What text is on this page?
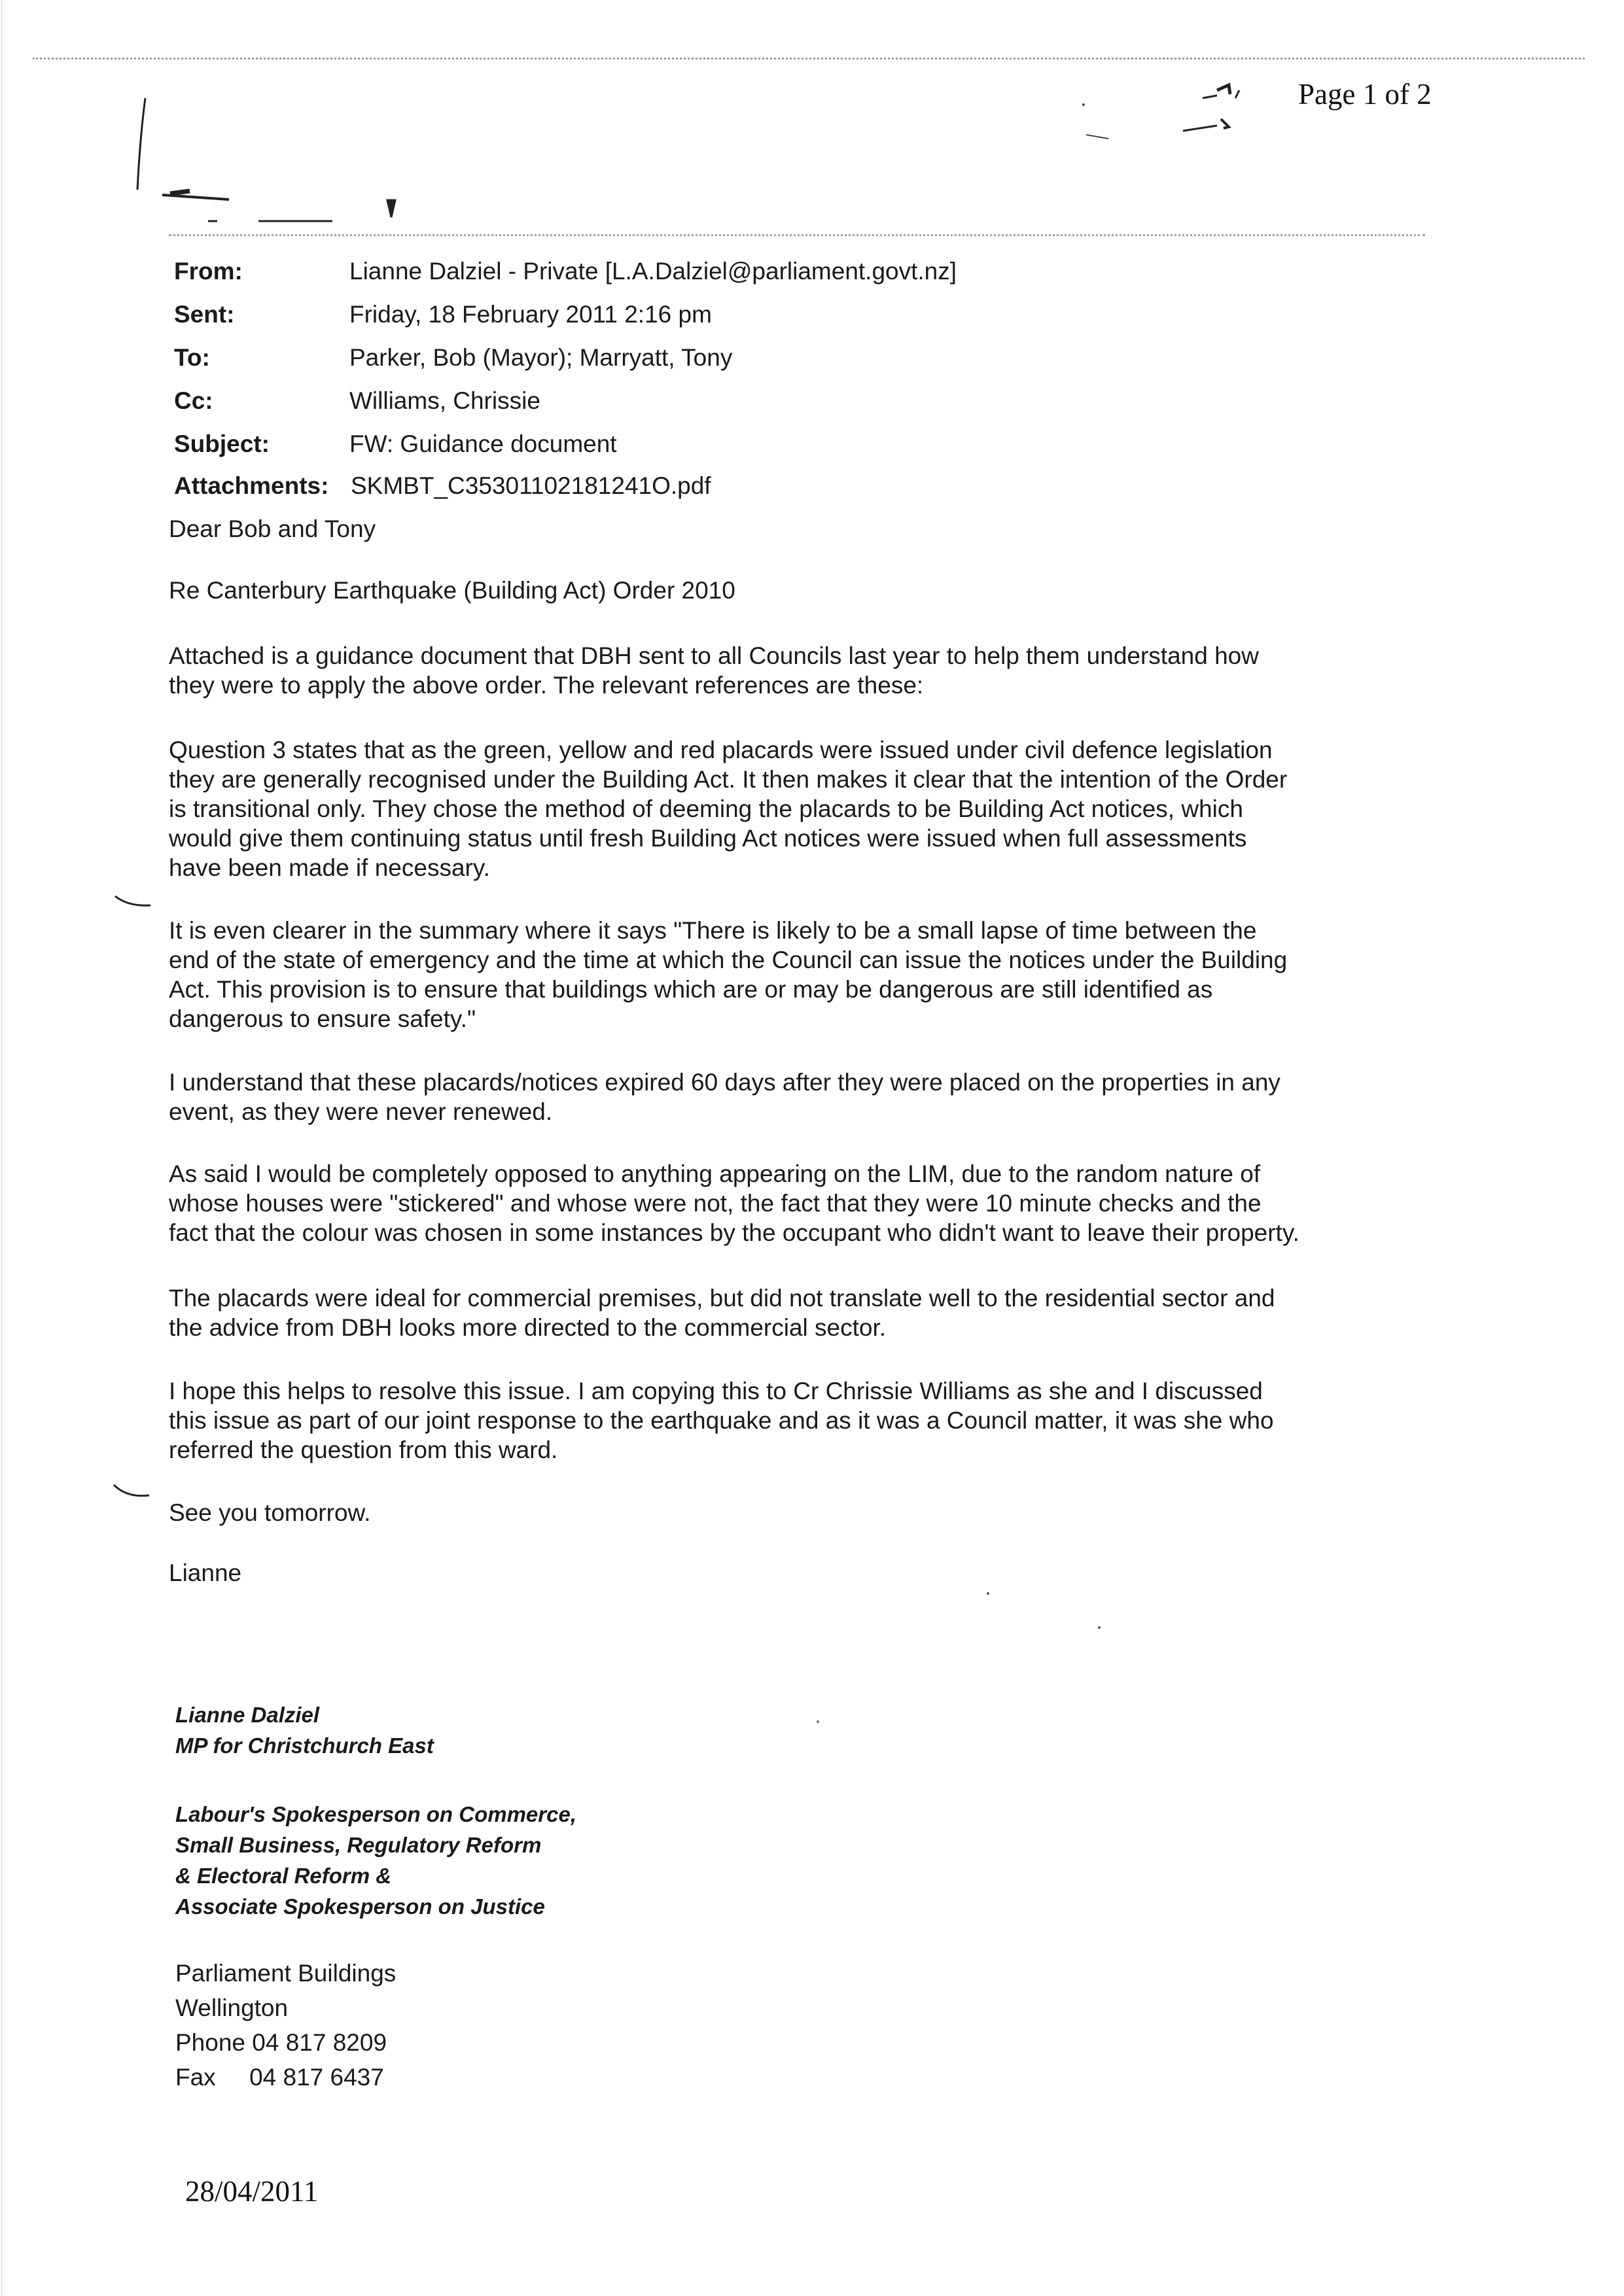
Page 1 of 2
From:	Lianne Dalziel - Private [L.A.Dalziel@parliament.govt.nz]
Sent:	Friday, 18 February 2011 2:16 pm
To:	Parker, Bob (Mayor); Marryatt, Tony
Cc:	Williams, Chrissie
Subject:	FW: Guidance document
Attachments: SKMBT_C35301102181241O.pdf
Dear Bob and Tony
Re Canterbury Earthquake (Building Act) Order 2010
Attached is a guidance document that DBH sent to all Councils last year to help them understand how
they were to apply the above order. The relevant references are these:
Question 3 states that as the green, yellow and red placards were issued under civil defence legislation
they are generally recognised under the Building Act. It then makes it clear that the intention of the Order
is transitional only. They chose the method of deeming the placards to be Building Act notices, which
would give them continuing status until fresh Building Act notices were issued when full assessments
have been made if necessary.
It is even clearer in the summary where it says "There is likely to be a small lapse of time between the
end of the state of emergency and the time at which the Council can issue the notices under the Building
Act. This provision is to ensure that buildings which are or may be dangerous are still identified as
dangerous to ensure safety."
I understand that these placards/notices expired 60 days after they were placed on the properties in any
event, as they were never renewed.
As said I would be completely opposed to anything appearing on the LIM, due to the random nature of
whose houses were "stickered" and whose were not, the fact that they were 10 minute checks and the
fact that the colour was chosen in some instances by the occupant who didn't want to leave their property.
The placards were ideal for commercial premises, but did not translate well to the residential sector and
the advice from DBH looks more directed to the commercial sector.
I hope this helps to resolve this issue. I am copying this to Cr Chrissie Williams as she and I discussed
this issue as part of our joint response to the earthquake and as it was a Council matter, it was she who
referred the question from this ward.
See you tomorrow.
Lianne
Lianne Dalziel
MP for Christchurch East
Labour's Spokesperson on Commerce,
Small Business, Regulatory Reform
& Electoral Reform &
Associate Spokesperson on Justice
Parliament Buildings
Wellington
Phone 04 817 8209
Fax     04 817 6437
28/04/2011
